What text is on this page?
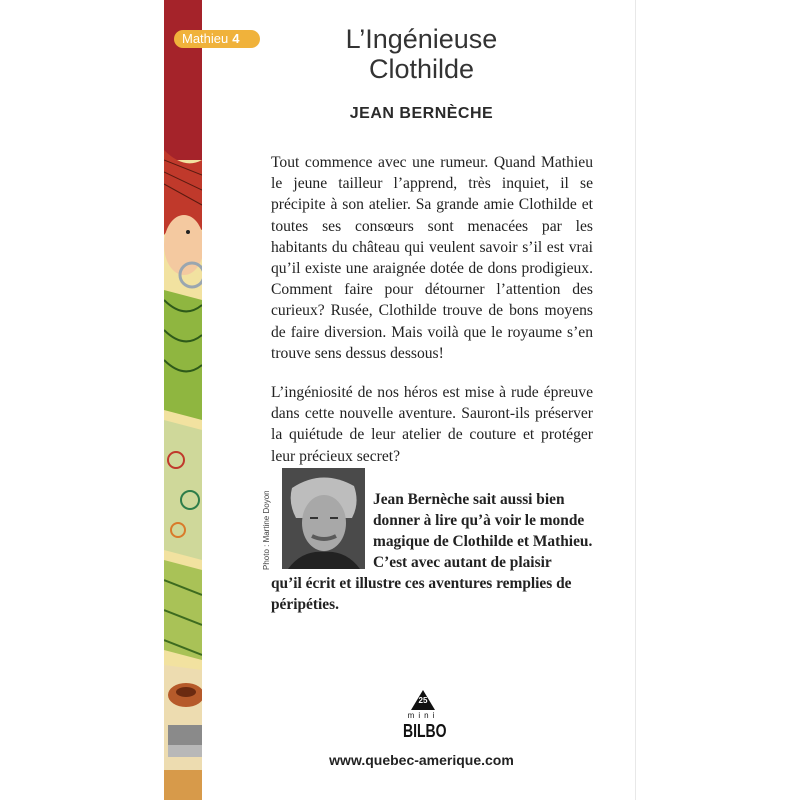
Mathieu 4	L’Ingénieuse
Clothilde
JEAN BERNÈCHE

Tout commence avec une rumeur. Quand Mathieu le jeune tailleur l’apprend, très inquiet, il se précipite à son atelier. Sa grande amie Clothilde et toutes ses consœurs sont menacées par les habitants du château qui veulent savoir s’il est vrai qu’il existe une araignée dotée de dons prodigieux. Comment faire pour détourner l’attention des curieux? Rusée, Clothilde trouve de bons moyens de faire diversion. Mais voilà que le royaume s’en trouve sens dessus dessous!

L’ingéniosité de nos héros est mise à rude épreuve dans cette nouvelle aventure. Sauront-ils préserver la quiétude de leur atelier de couture et protéger leur précieux secret?

Photo : Martine Doyon	Jean Bernèche sait aussi bien donner à lire qu’à voir le monde magique de Clothilde et Mathieu. C’est avec autant de plaisir

qu’il écrit et illustre ces aventures remplies de péripéties.

25
mini
BILBO
www.quebec-amerique.com
